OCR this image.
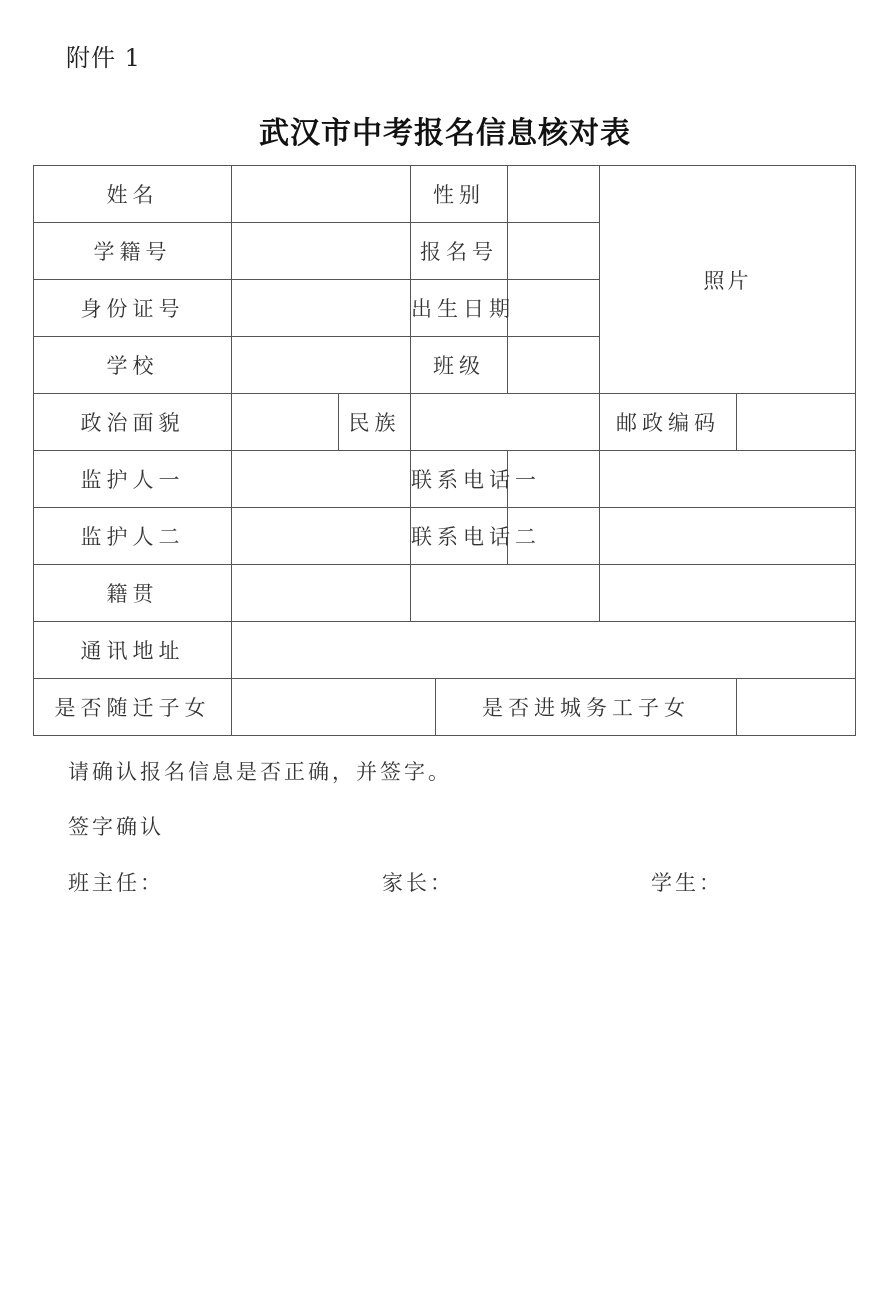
附件 1
武汉市中考报名信息核对表
姓名			性别			照片	
学籍号			报名号				
身份证号			出生日期				
学校			班级				
政治面貌		民族				邮政编码	
监护人一			联系电话一				
监护人二			联系电话二				
籍贯							
通讯地址							
是否随迁子女				是否进城务工子女			
请确认报名信息是否正确，并签字。
签字确认
班主任：	家长：	学生：
